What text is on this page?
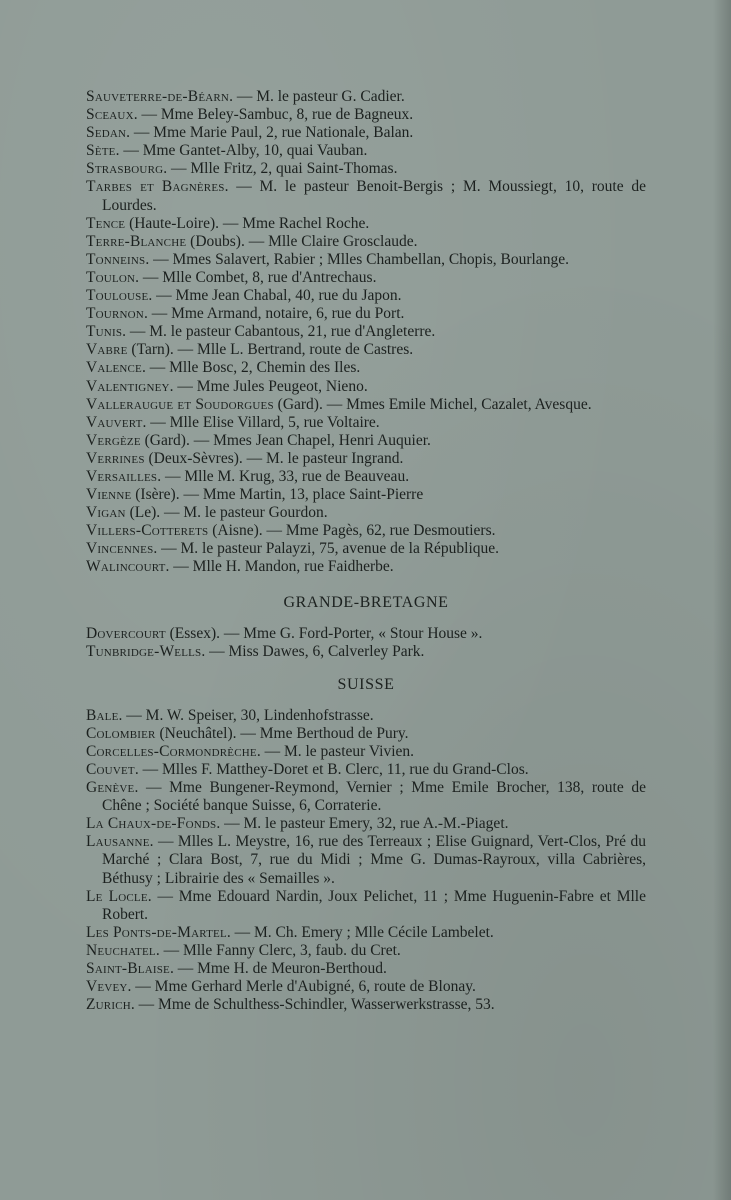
Sauveterre-de-Béarn. — M. le pasteur G. Cadier.
Sceaux. — Mme Beley-Sambuc, 8, rue de Bagneux.
Sedan. — Mme Marie Paul, 2, rue Nationale, Balan.
Sète. — Mme Gantet-Alby, 10, quai Vauban.
Strasbourg. — Mlle Fritz, 2, quai Saint-Thomas.
Tarbes et Bagnères. — M. le pasteur Benoit-Bergis ; M. Moussiegt, 10, route de Lourdes.
Tence (Haute-Loire). — Mme Rachel Roche.
Terre-Blanche (Doubs). — Mlle Claire Grosclaude.
Tonneins. — Mmes Salavert, Rabier ; Mlles Chambellan, Chopis, Bourlange.
Toulon. — Mlle Combet, 8, rue d'Antrechaus.
Toulouse. — Mme Jean Chabal, 40, rue du Japon.
Tournon. — Mme Armand, notaire, 6, rue du Port.
Tunis. — M. le pasteur Cabantous, 21, rue d'Angleterre.
Vabre (Tarn). — Mlle L. Bertrand, route de Castres.
Valence. — Mlle Bosc, 2, Chemin des Iles.
Valentigney. — Mme Jules Peugeot, Nieno.
Valleraugue et Soudorgues (Gard). — Mmes Emile Michel, Cazalet, Avesque.
Vauvert. — Mlle Elise Villard, 5, rue Voltaire.
Vergèze (Gard). — Mmes Jean Chapel, Henri Auquier.
Verrines (Deux-Sèvres). — M. le pasteur Ingrand.
Versailles. — Mlle M. Krug, 33, rue de Beauveau.
Vienne (Isère). — Mme Martin, 13, place Saint-Pierre
Vigan (Le). — M. le pasteur Gourdon.
Villers-Cotterets (Aisne). — Mme Pagès, 62, rue Desmoutiers.
Vincennes. — M. le pasteur Palayzi, 75, avenue de la République.
Walincourt. — Mlle H. Mandon, rue Faidherbe.
GRANDE-BRETAGNE
Dovercourt (Essex). — Mme G. Ford-Porter, « Stour House ».
Tunbridge-Wells. — Miss Dawes, 6, Calverley Park.
SUISSE
Bale. — M. W. Speiser, 30, Lindenhofstrasse.
Colombier (Neuchâtel). — Mme Berthoud de Pury.
Corcelles-Cormondrèche. — M. le pasteur Vivien.
Couvet. — Mlles F. Matthey-Doret et B. Clerc, 11, rue du Grand-Clos.
Genève. — Mme Bungener-Reymond, Vernier ; Mme Emile Brocher, 138, route de Chêne ; Société banque Suisse, 6, Corraterie.
La Chaux-de-Fonds. — M. le pasteur Emery, 32, rue A.-M.-Piaget.
Lausanne. — Mlles L. Meystre, 16, rue des Terreaux ; Elise Guignard, Vert-Clos, Pré du Marché ; Clara Bost, 7, rue du Midi ; Mme G. Dumas-Rayroux, villa Cabrières, Béthusy ; Librairie des « Semailles ».
Le Locle. — Mme Edouard Nardin, Joux Pelichet, 11 ; Mme Huguenin-Fabre et Mlle Robert.
Les Ponts-de-Martel. — M. Ch. Emery ; Mlle Cécile Lambelet.
Neuchatel. — Mlle Fanny Clerc, 3, faub. du Cret.
Saint-Blaise. — Mme H. de Meuron-Berthoud.
Vevey. — Mme Gerhard Merle d'Aubigné, 6, route de Blonay.
Zurich. — Mme de Schulthess-Schindler, Wasserwerkstrasse, 53.
